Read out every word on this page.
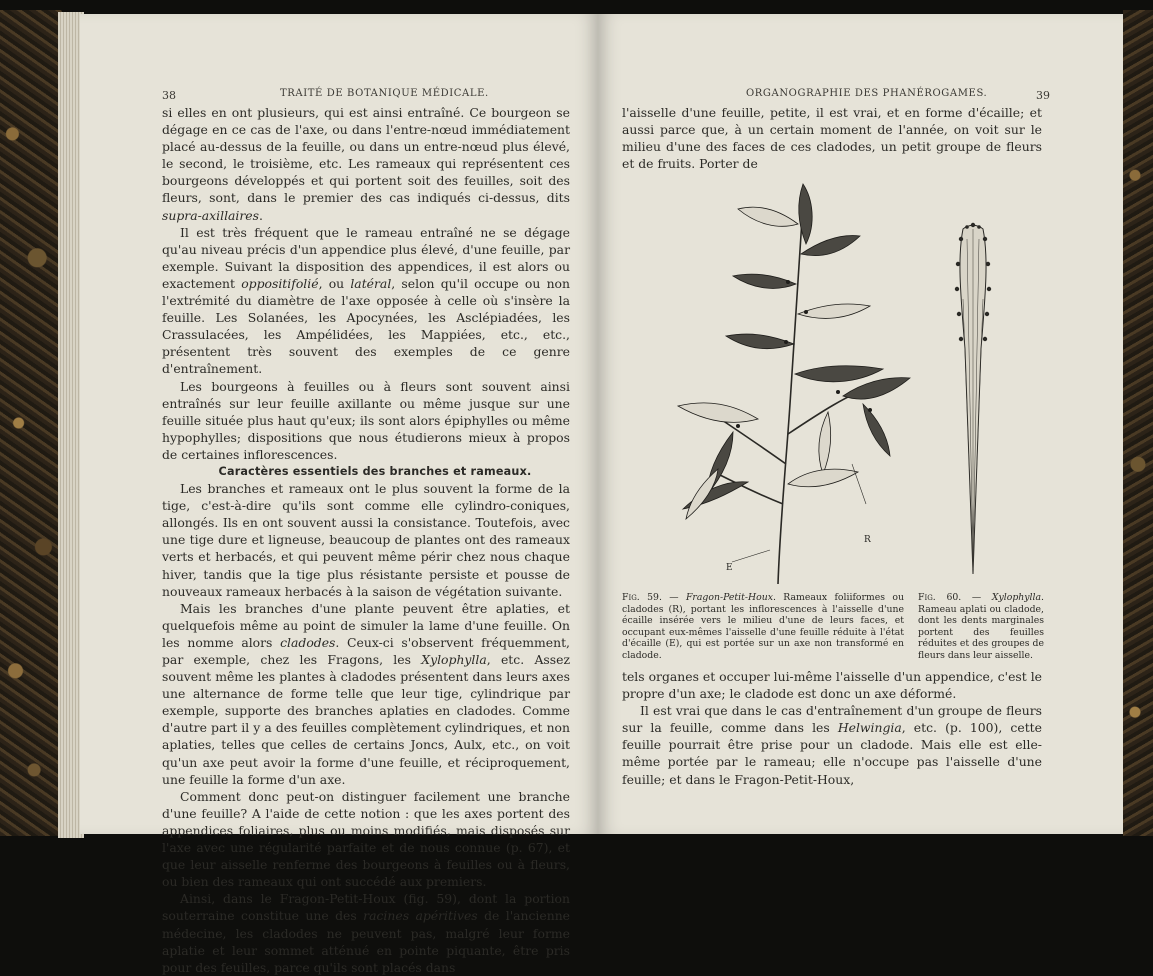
38	TRAITÉ DE BOTANIQUE MÉDICALE.

si elles en ont plusieurs, qui est ainsi entraîné. Ce bourgeon se dégage en ce cas de l'axe, ou dans l'entre-nœud immédiatement placé au-dessus de la feuille, ou dans un entre-nœud plus élevé, le second, le troisième, etc. Les rameaux qui représentent ces bourgeons développés et qui portent soit des feuilles, soit des fleurs, sont, dans le premier des cas indiqués ci-dessus, dits supra-axillaires.

Il est très fréquent que le rameau entraîné ne se dégage qu'au niveau précis d'un appendice plus élevé, d'une feuille, par exemple. Suivant la disposition des appendices, il est alors ou exactement oppositifolié, ou latéral, selon qu'il occupe ou non l'extrémité du diamètre de l'axe opposée à celle où s'insère la feuille. Les Solanées, les Apocynées, les Asclépiadées, les Crassulacées, les Ampélidées, les Mappiées, etc., etc., présentent très souvent des exemples de ce genre d'entraînement.

Les bourgeons à feuilles ou à fleurs sont souvent ainsi entraînés sur leur feuille axillante ou même jusque sur une feuille située plus haut qu'eux; ils sont alors épiphylles ou même hypophylles; dispositions que nous étudierons mieux à propos de certaines inflorescences.

Caractères essentiels des branches et rameaux.

Les branches et rameaux ont le plus souvent la forme de la tige, c'est-à-dire qu'ils sont comme elle cylindro-coniques, allongés. Ils en ont souvent aussi la consistance. Toutefois, avec une tige dure et ligneuse, beaucoup de plantes ont des rameaux verts et herbacés, et qui peuvent même périr chez nous chaque hiver, tandis que la tige plus résistante persiste et pousse de nouveaux rameaux herbacés à la saison de végétation suivante.

Mais les branches d'une plante peuvent être aplaties, et quelquefois même au point de simuler la lame d'une feuille. On les nomme alors cladodes. Ceux-ci s'observent fréquemment, par exemple, chez les Fragons, les Xylophylla, etc. Assez souvent même les plantes à cladodes présentent dans leurs axes une alternance de forme telle que leur tige, cylindrique par exemple, supporte des branches aplaties en cladodes. Comme d'autre part il y a des feuilles complètement cylindriques, et non aplaties, telles que celles de certains Joncs, Aulx, etc., on voit qu'un axe peut avoir la forme d'une feuille, et réciproquement, une feuille la forme d'un axe.

Comment donc peut-on distinguer facilement une branche d'une feuille? A l'aide de cette notion : que les axes portent des appendices foliaires, plus ou moins modifiés, mais disposés sur l'axe avec une régularité parfaite et de nous connue (p. 67), et que leur aisselle renferme des bourgeons à feuilles ou à fleurs, ou bien des rameaux qui ont succédé aux premiers.

Ainsi, dans le Fragon-Petit-Houx (fig. 59), dont la portion souterraine constitue une des racines apéritives de l'ancienne médecine, les cladodes ne peuvent pas, malgré leur forme aplatie et leur sommet atténué en pointe piquante, être pris pour des feuilles, parce qu'ils sont placés dans

ORGANOGRAPHIE DES PHANÉROGAMES.	39

l'aisselle d'une feuille, petite, il est vrai, et en forme d'écaille; et aussi parce que, à un certain moment de l'année, on voit sur le milieu d'une des faces de ces cladodes, un petit groupe de fleurs et de fruits. Porter de

R
E
Fig. 59. — Fragon-Petit-Houx. Rameaux foliiformes ou cladodes (R), portant les inflorescences à l'aisselle d'une écaille insérée vers le milieu d'une de leurs faces, et occupant eux-mêmes l'aisselle d'une feuille réduite à l'état d'écaille (E), qui est portée sur un axe non transformé en cladode.
Fig. 60. — Xylophylla. Rameau aplati ou cladode, dont les dents marginales portent des feuilles réduites et des groupes de fleurs dans leur aisselle.

tels organes et occuper lui-même l'aisselle d'un appendice, c'est le propre d'un axe; le cladode est donc un axe déformé.

Il est vrai que dans le cas d'entraînement d'un groupe de fleurs sur la feuille, comme dans les Helwingia, etc. (p. 100), cette feuille pourrait être prise pour un cladode. Mais elle est elle-même portée par le rameau; elle n'occupe pas l'aisselle d'une feuille; et dans le Fragon-Petit-Houx,
